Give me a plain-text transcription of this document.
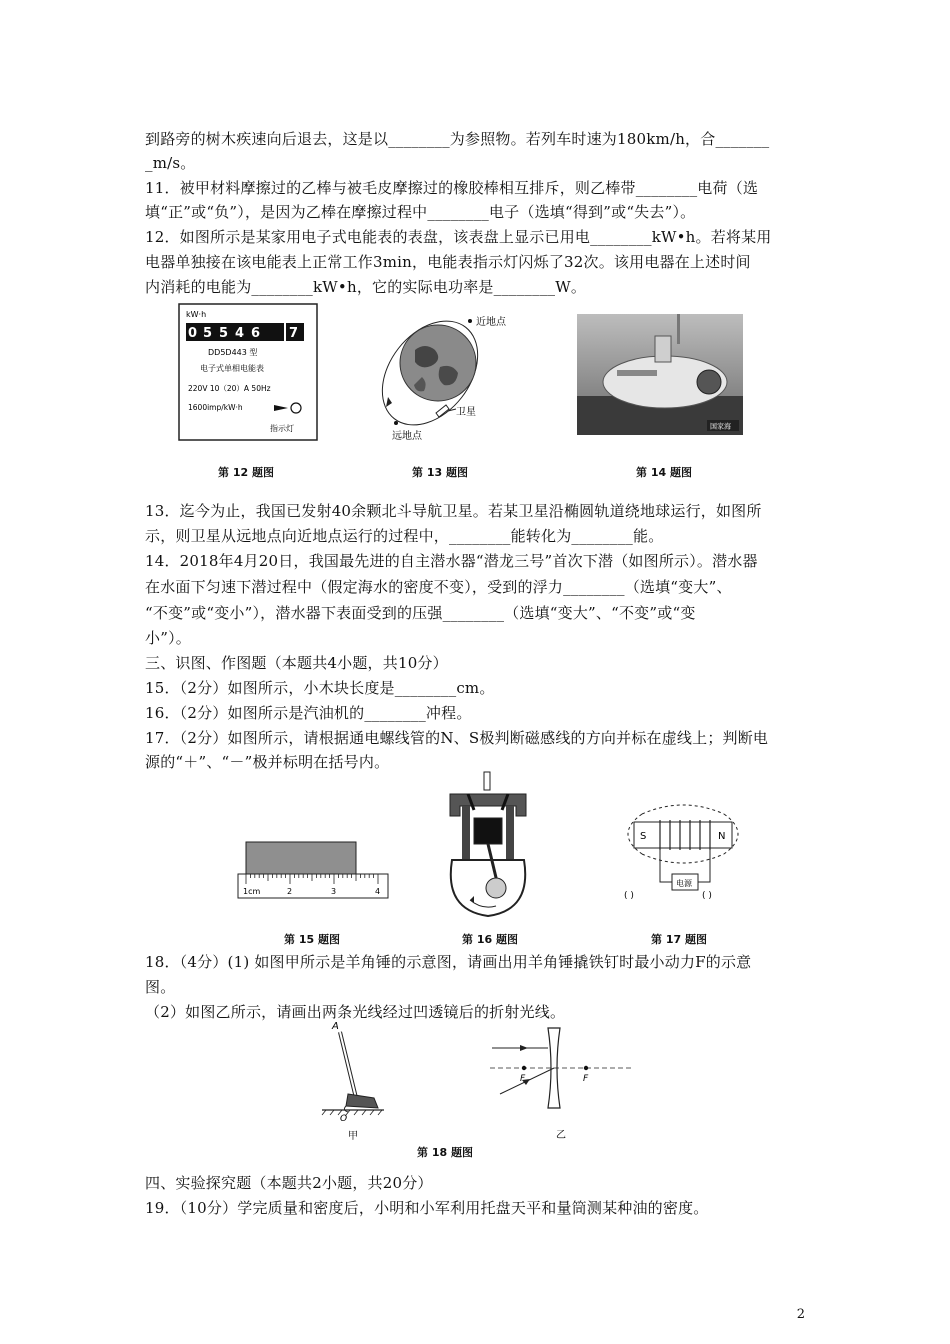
到路旁的树木疾速向后退去，这是以________为参照物。若列车时速为180km/h，合_______
_m/s。
11．被甲材料摩擦过的乙棒与被毛皮摩擦过的橡胶棒相互排斥，则乙棒带________电荷（选
填“正”或“负”），是因为乙棒在摩擦过程中________电子（选填“得到”或“失去”）。
12．如图所示是某家用电子式电能表的表盘，该表盘上显示已用电________kW•h。若将某用
电器单独接在该电能表上正常工作3min，电能表指示灯闪烁了32次。该用电器在上述时间
内消耗的电能为________kW•h，它的实际电功率是________W。
kW·h
0 5 5 4 6 7
DD5D443 型
电子式单相电能表
220V 10（20）A 50Hz
1600imp/kW·h
指示灯
近地点
卫星
远地点
国家海
第 12 题图	第 13 题图	第 14 题图
13．迄今为止，我国已发射40余颗北斗导航卫星。若某卫星沿椭圆轨道绕地球运行，如图所
示，则卫星从远地点向近地点运行的过程中，________能转化为________能。
14．2018年4月20日，我国最先进的自主潜水器“潜龙三号”首次下潜（如图所示）。潜水器
在水面下匀速下潜过程中（假定海水的密度不变），受到的浮力________（选填“变大”、
“不变”或“变小”），潜水器下表面受到的压强________（选填“变大”、“不变”或“变
小”）。
三、识图、作图题（本题共4小题，共10分）
15．（2分）如图所示，小木块长度是________cm。
16．（2分）如图所示是汽油机的________冲程。
17．（2分）如图所示，请根据通电螺线管的N、S极判断磁感线的方向并标在虚线上；判断电
源的“＋”、“－”极并标明在括号内。
1cm	2	3	4
S	N
电源
( )	( )
第 15 题图	第 16 题图	第 17 题图
18．（4分）(1) 如图甲所示是羊角锤的示意图，请画出用羊角锤撬铁钉时最小动力F的示意
图。
（2）如图乙所示，请画出两条光线经过凹透镜后的折射光线。
A
O
甲
F	F
乙
第 18 题图
四、实验探究题（本题共2小题，共20分）
19．（10分）学完质量和密度后，小明和小军利用托盘天平和量筒测某种油的密度。
2
